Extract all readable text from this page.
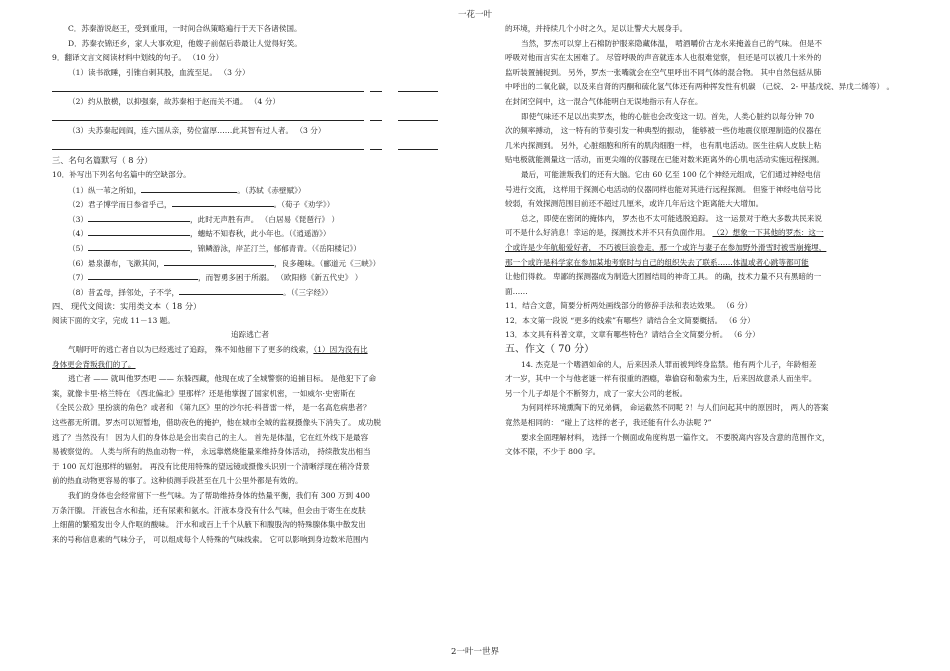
一花一叶
C．苏秦游说赵王，受到重用，一时间合纵策略遍行于天下各诸侯国。
D．苏秦衣锦还乡，家人大事欢迎，他嫂子前倨后恭最让人觉得好笑。
9．翻译文言文阅读材料中划线的句子。 （10 分）
（1）读书欲睡，引锥自刺其股，血流至足。 （3 分）
（2）约从散横，以抑强秦，故苏秦相于赵而关不通。 （4 分）
（3）夫苏秦起闾阎，连六国从亲，势位富厚……此其智有过人者。 （3 分）
三、名句名篇默写（ 8 分）
10．补写出下列名句名篇中的空缺部分。
（1）纵一苇之所如，	。（苏轼《赤壁赋》）
（2）君子博学而日参省乎己，	。（荀子《劝学》）
（3）	，此时无声胜有声。 （白居易《琵琶行》 ）
（4）	，蟪蛄不知春秋，此小年也。（《逍遥游》）
（5）	，锦鳞游泳，岸芷汀兰，郁郁青青。（《岳阳楼记》）
（6）悬泉瀑布，飞漱其间，	，良多趣味。（郦道元《三峡》）
（7）	，而智勇多困于所溺。 （欧阳修《新五代史》 ）
（8）昔孟母，择邻处，子不学，	。（《三字经》）
四、 现代文阅读：实用类文本（ 18 分）
阅读下面的文字，完成 11－13 题。
追踪逃亡者
气喘吁吁的逃亡者自以为已经逃过了追踪， 殊不知他留下了更多的线索，（1）因为没有比
身体更会背叛我们的了。
逃亡者 —— 就叫他罗杰吧 —— 东躲西藏，他现在成了全城警察的追捕目标。 是他犯下了命
案，就像卡里·格兰特在 《西北偏北》里那样？还是他掌握了国家机密，一如威尔·史密斯在
《全民公敌》里扮演的角色？或者和 《第九区》里的沙尔托·科普雷一样， 是一名高危病患者？
这些都无所谓。罗杰可以短暂地，借助夜色的掩护，他在城市全城的监视摄像头下消失了。 成功脱
逃了？当然没有！ 因为人们的身体总是会出卖自己的主人。 首先是体温，它在红外线下是最容
易被察觉的。 人类与所有的热血动物一样， 永远靠燃烧能量来维持身体活动， 持续散发出相当
于 100 瓦灯泡那样的辐射。 再没有比使用特殊的望远镜或摄像头识别一个清晰浮现在稍冷背景
前的热血动物更容易的事了。这种侦测手段甚至在几十公里外都是有效的。
我们的身体也会经常留下一些气味。为了帮助维持身体的热量平衡，我们有 300 万到 400
万条汗腺。 汗液包含水和盐，还有尿素和氨水。汗液本身没有什么气味，但会由于寄生在皮肤
上细菌的繁殖发出令人作呕的酸味。 汗水和或百上千个从腋下和腹股沟的特殊腺体集中散发出
来的号称信息素的气味分子， 可以组成每个人特殊的气味线索。 它可以影响到身边数米范围内
的环境，并持续几个小时之久，足以让警犬大展身手。
当然，罗杰可以穿上石棉防护服来隐藏体温， 啃酒嚼价古龙水来掩盖自己的气味。 但是不
呼吸对他而言实在太困难了。 尽管呼吸的声音就连本人也很难觉察， 但还是可以被几十米外的
监听装置捕捉到。 另外，罗杰一张嘴就会在空气里呼出不同气体的混合物。 其中自然包括从肺
中呼出的二氧化碳，以及来自肾的丙酮和硫化氢气体还有两种挥发性有机碳 （己烷、 2- 甲基戊烷、异戊二烯等） 。
在封闭空间中，这一混合气体能明白无误地指示有人存在。
即使气味还不足以出卖罗杰，他的心脏也会改变这一切。首先，人类心脏约以每分钟 70
次的频率搏动， 这一特有的节奏引发一种典型的振动， 能够被一些仿地震仪原理制造的仪器在
几米内探测到。 另外，心脏细胞和所有的肌肉细胞一样， 也有肌电活动。医生往病人皮肤上粘
贴电极就能测量这一活动，而更尖端的仪器现在已能对数米距离外的心肌电活动实施远程探测。
最后，可能泄叛我们的还有大脑。它由 60 亿至 100 亿个神经元组成，它们通过神经电信
号进行交流， 这样用于探测心电活动的仪器同样也能对其进行远程探测。 但鉴于神经电信号比
较弱，有效探测范围目前还不超过几厘米，或许几年后这个距离能大大增加。
总之，即使在密闭的掩体内， 罗杰也不太可能逃脱追踪。 这一运景对于绝大多数共民来说
可不是什么好消息！幸运的是，探测技术并不只有负面作用。 （2）想象一下其他的罗杰：这一
个或许是少年航船爱好者， 不巧被巨浪卷走，那一个或许与妻子在参加野外滑雪时被雪崩掩埋，
那一个或许是科学家在参加某地考察时与自己的组织失去了联系……体温或者心跳等都可能
让他们得救。 卑鄙的探测器成为制造大团圆结局的神奇工具。 的确，技术力量不只有黑暗的一
面……
11．结合文意，简要分析两处画线部分的修辞手法和表达效果。 （6 分）
12．本文第一段说 “更多的线索”有哪些？请结合全文简要概括。 （6 分）
13．本文具有科普文章，文章有哪些特色？请结合全文简要分析。 （6 分）
五、作文（ 70 分）
14. 杰克是一个嗜酒如命的人，后来因杀人罪而被判终身监禁。他有两个儿子，年龄相差
才一岁，其中一个与他老谜一样有很重的酒瘾，靠偷窃和勒索为生，后来因故意杀人而坐牢。
另一个儿子却是个不断努力，成了一家大公司的老板。
为何同样环境熏陶下的兄弟俩， 命运截然不同呢 ?！与人们问起其中的原因时， 两人的答案
竟然是相同的： “碰上了这样的老子，我还能有什么办法呢 ?”
要求全面理解材料， 选择一个侧面或角度构思一篇作文。 不要脱离内容及含意的范围作文，
文体不限，不少于 800 字。
2一叶一世界
